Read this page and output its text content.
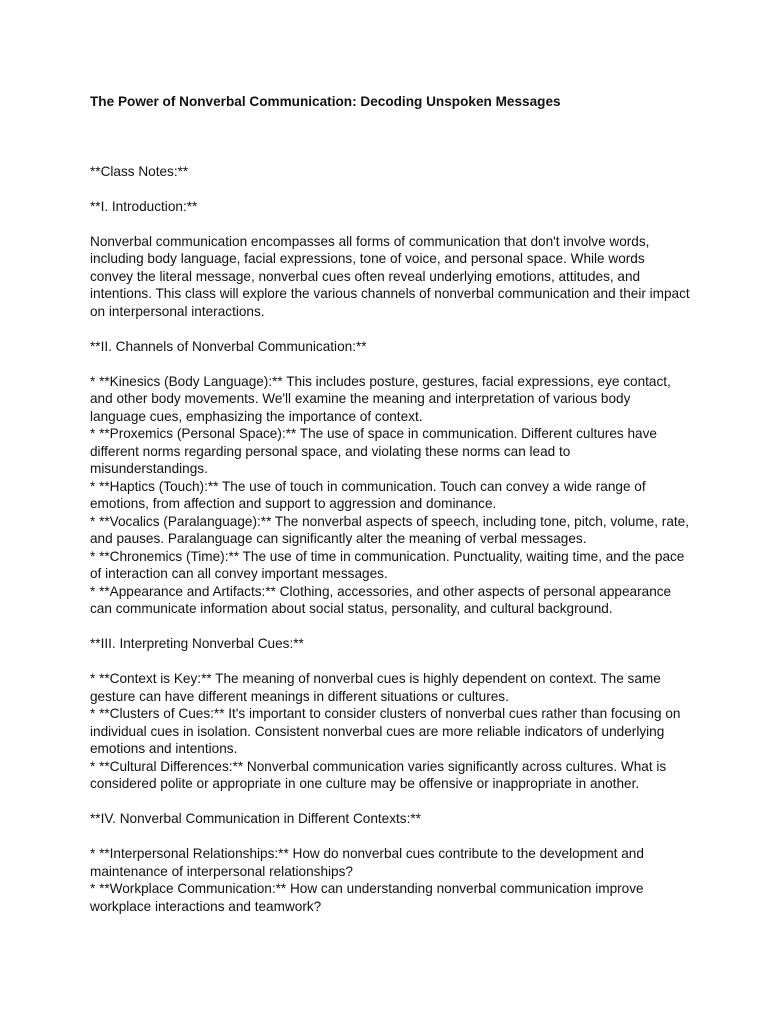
The Power of Nonverbal Communication: Decoding Unspoken Messages

**Class Notes:**

**I. Introduction:**

Nonverbal communication encompasses all forms of communication that don't involve words, including body language, facial expressions, tone of voice, and personal space. While words convey the literal message, nonverbal cues often reveal underlying emotions, attitudes, and intentions. This class will explore the various channels of nonverbal communication and their impact on interpersonal interactions.

**II. Channels of Nonverbal Communication:**

* **Kinesics (Body Language):** This includes posture, gestures, facial expressions, eye contact, and other body movements. We'll examine the meaning and interpretation of various body language cues, emphasizing the importance of context.

* **Proxemics (Personal Space):** The use of space in communication. Different cultures have different norms regarding personal space, and violating these norms can lead to misunderstandings.

* **Haptics (Touch):** The use of touch in communication. Touch can convey a wide range of emotions, from affection and support to aggression and dominance.

* **Vocalics (Paralanguage):** The nonverbal aspects of speech, including tone, pitch, volume, rate, and pauses. Paralanguage can significantly alter the meaning of verbal messages.

* **Chronemics (Time):** The use of time in communication. Punctuality, waiting time, and the pace of interaction can all convey important messages.

* **Appearance and Artifacts:** Clothing, accessories, and other aspects of personal appearance can communicate information about social status, personality, and cultural background.

**III. Interpreting Nonverbal Cues:**

* **Context is Key:** The meaning of nonverbal cues is highly dependent on context. The same gesture can have different meanings in different situations or cultures.

* **Clusters of Cues:** It's important to consider clusters of nonverbal cues rather than focusing on individual cues in isolation. Consistent nonverbal cues are more reliable indicators of underlying emotions and intentions.

* **Cultural Differences:** Nonverbal communication varies significantly across cultures. What is considered polite or appropriate in one culture may be offensive or inappropriate in another.

**IV. Nonverbal Communication in Different Contexts:**

* **Interpersonal Relationships:** How do nonverbal cues contribute to the development and maintenance of interpersonal relationships?

* **Workplace Communication:** How can understanding nonverbal communication improve workplace interactions and teamwork?
